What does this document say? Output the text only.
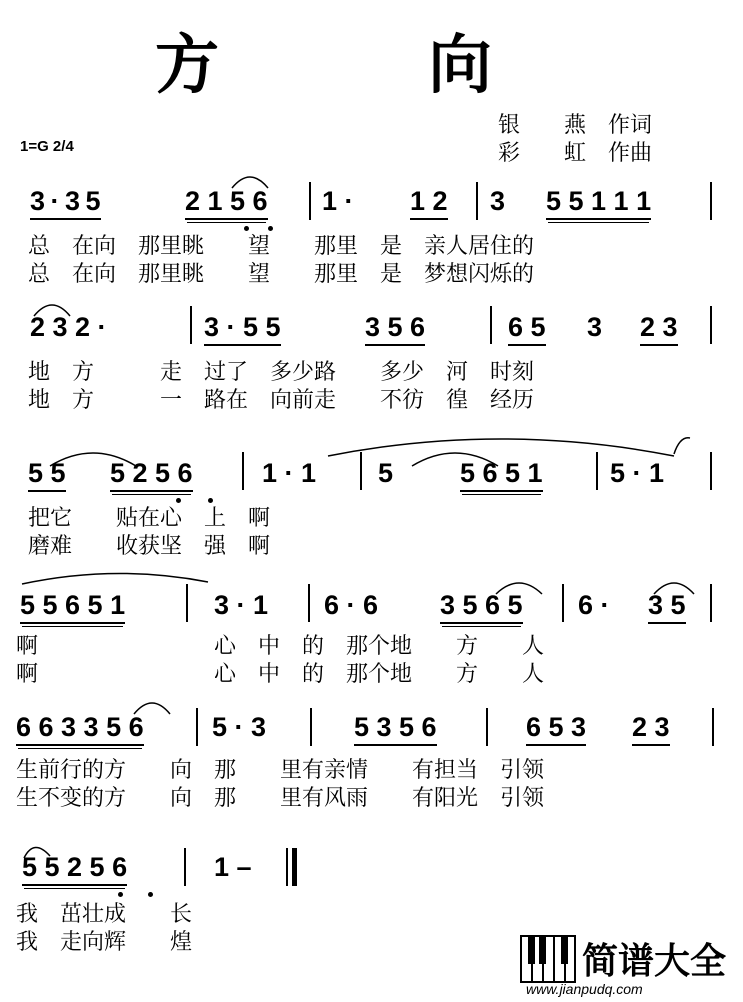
方	向
1=G 2/4
银　　燕　作词
彩　　虹　作曲
3 · 3 5	2 1 5 6 1 · 1 2 3 5 5 1 1 1
总　在向　那里眺　　望　　那里　是　亲人居住的
总　在向　那里眺　　望　　那里　是　梦想闪烁的
2 3 2 ·	3 · 5 5	3 5 6	6 5 3 2 3
地　方　　　走　过了　多少路　　多少　河　时刻
地　方　　　一　路在　向前走　　不彷　徨　经历
5 5 5 2 5 6	1 · 1 5 5 6 5 1 5 · 1
把它　　贴在心　上　啊
磨难　　收获坚　强　啊
5 5 6 5 1	3 · 1 6 · 6 3 5 6 5 6 · 3 5
啊　　　　　　　　心　中　的　那个地　　方　　人
啊　　　　　　　　心　中　的　那个地　　方　　人
6 6 3 3 5 6	5 · 3	5 3 5 6	6 5 3 2 3
生前行的方　　向　那　　里有亲情　　有担当　引领
生不变的方　　向　那　　里有风雨　　有阳光　引领
5 5 2 5 6	1 –
我　茁壮成　　长
我　走向辉　　煌	简谱大全
www.jianpudq.com
